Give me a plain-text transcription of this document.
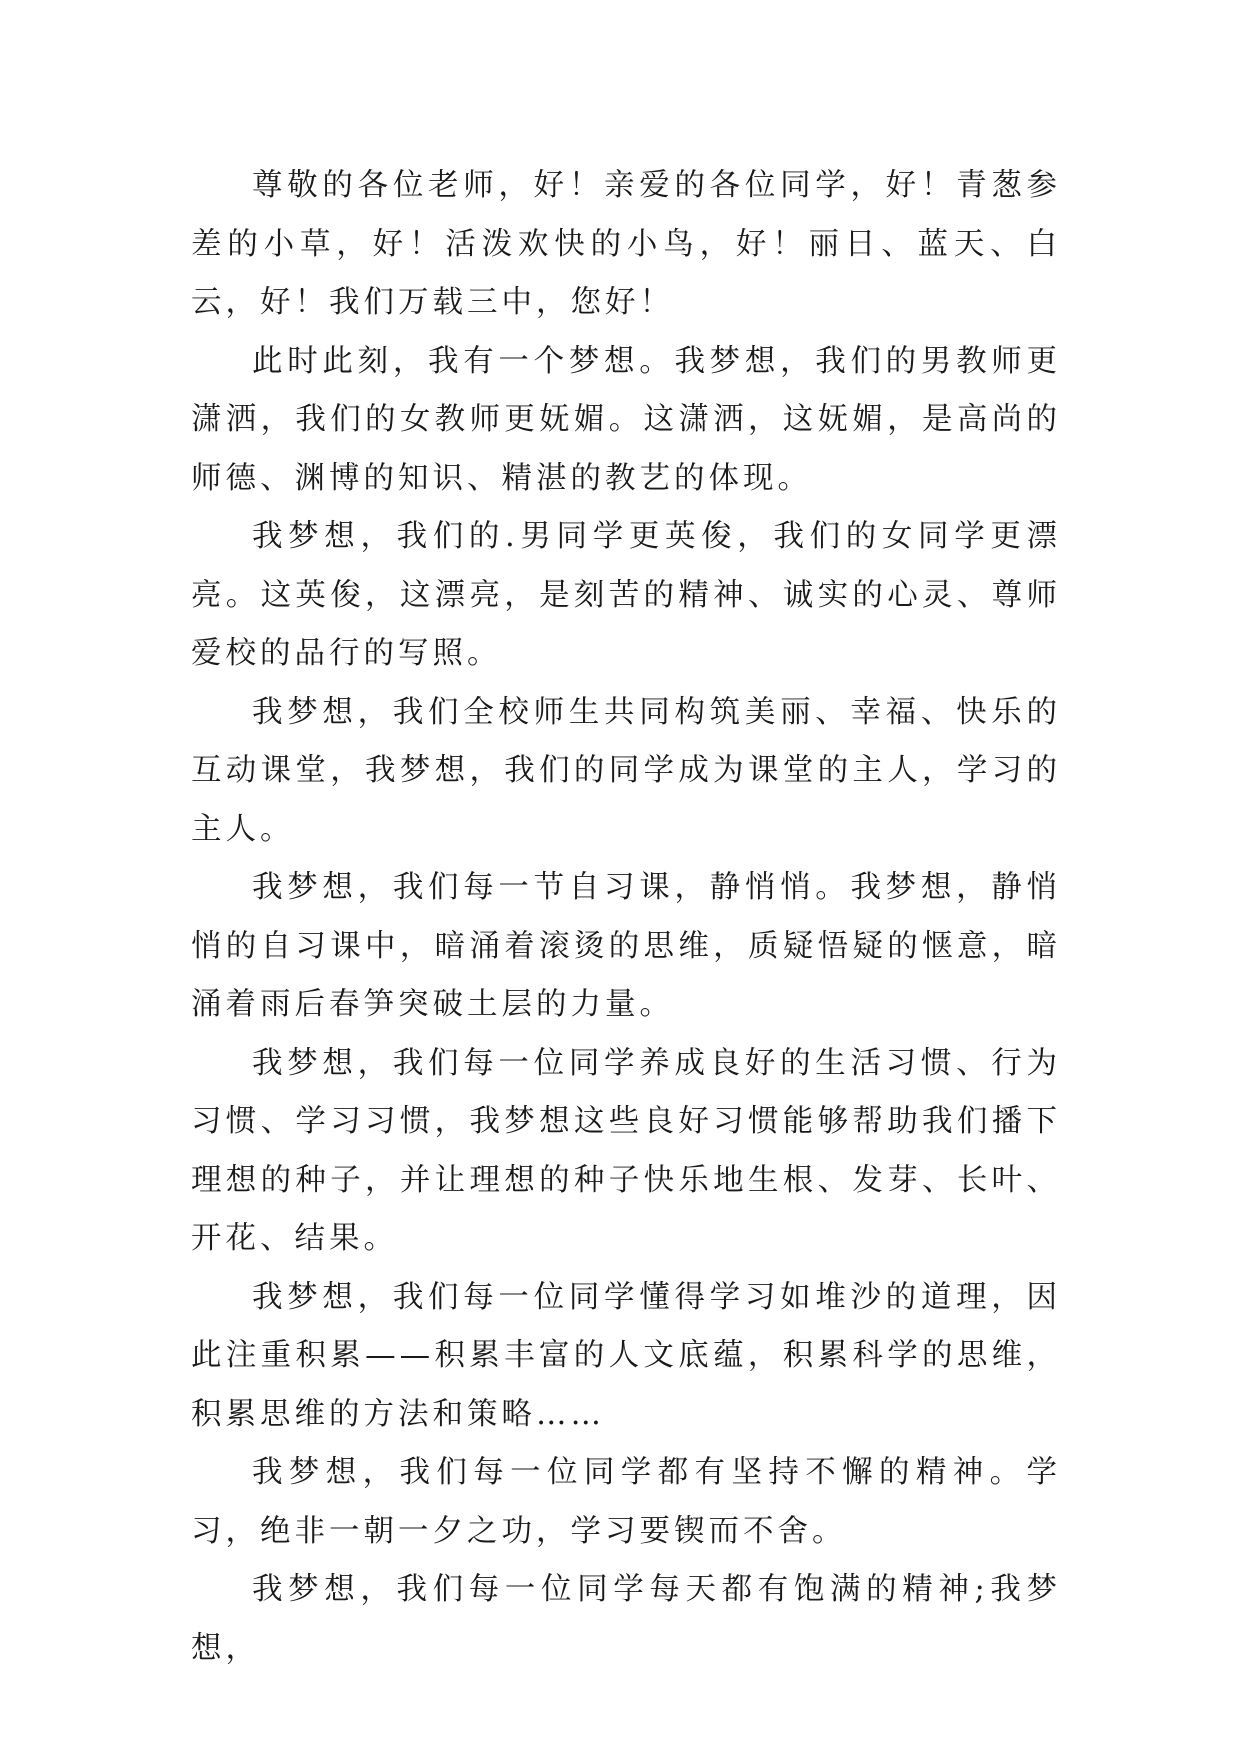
尊敬的各位老师，好！亲爱的各位同学，好！青葱参差的小草，好！活泼欢快的小鸟，好！丽日、蓝天、白云，好！我们万载三中，您好！

此时此刻，我有一个梦想。我梦想，我们的男教师更潇洒，我们的女教师更妩媚。这潇洒，这妩媚，是高尚的师德、渊博的知识、精湛的教艺的体现。

我梦想，我们的.男同学更英俊，我们的女同学更漂亮。这英俊，这漂亮，是刻苦的精神、诚实的心灵、尊师爱校的品行的写照。

我梦想，我们全校师生共同构筑美丽、幸福、快乐的互动课堂，我梦想，我们的同学成为课堂的主人，学习的主人。

我梦想，我们每一节自习课，静悄悄。我梦想，静悄悄的自习课中，暗涌着滚烫的思维，质疑悟疑的惬意，暗涌着雨后春笋突破土层的力量。

我梦想，我们每一位同学养成良好的生活习惯、行为习惯、学习习惯，我梦想这些良好习惯能够帮助我们播下理想的种子，并让理想的种子快乐地生根、发芽、长叶、开花、结果。

我梦想，我们每一位同学懂得学习如堆沙的道理，因此注重积累——积累丰富的人文底蕴，积累科学的思维，积累思维的方法和策略……

我梦想，我们每一位同学都有坚持不懈的精神。学习，绝非一朝一夕之功，学习要锲而不舍。

我梦想，我们每一位同学每天都有饱满的精神;我梦想，
